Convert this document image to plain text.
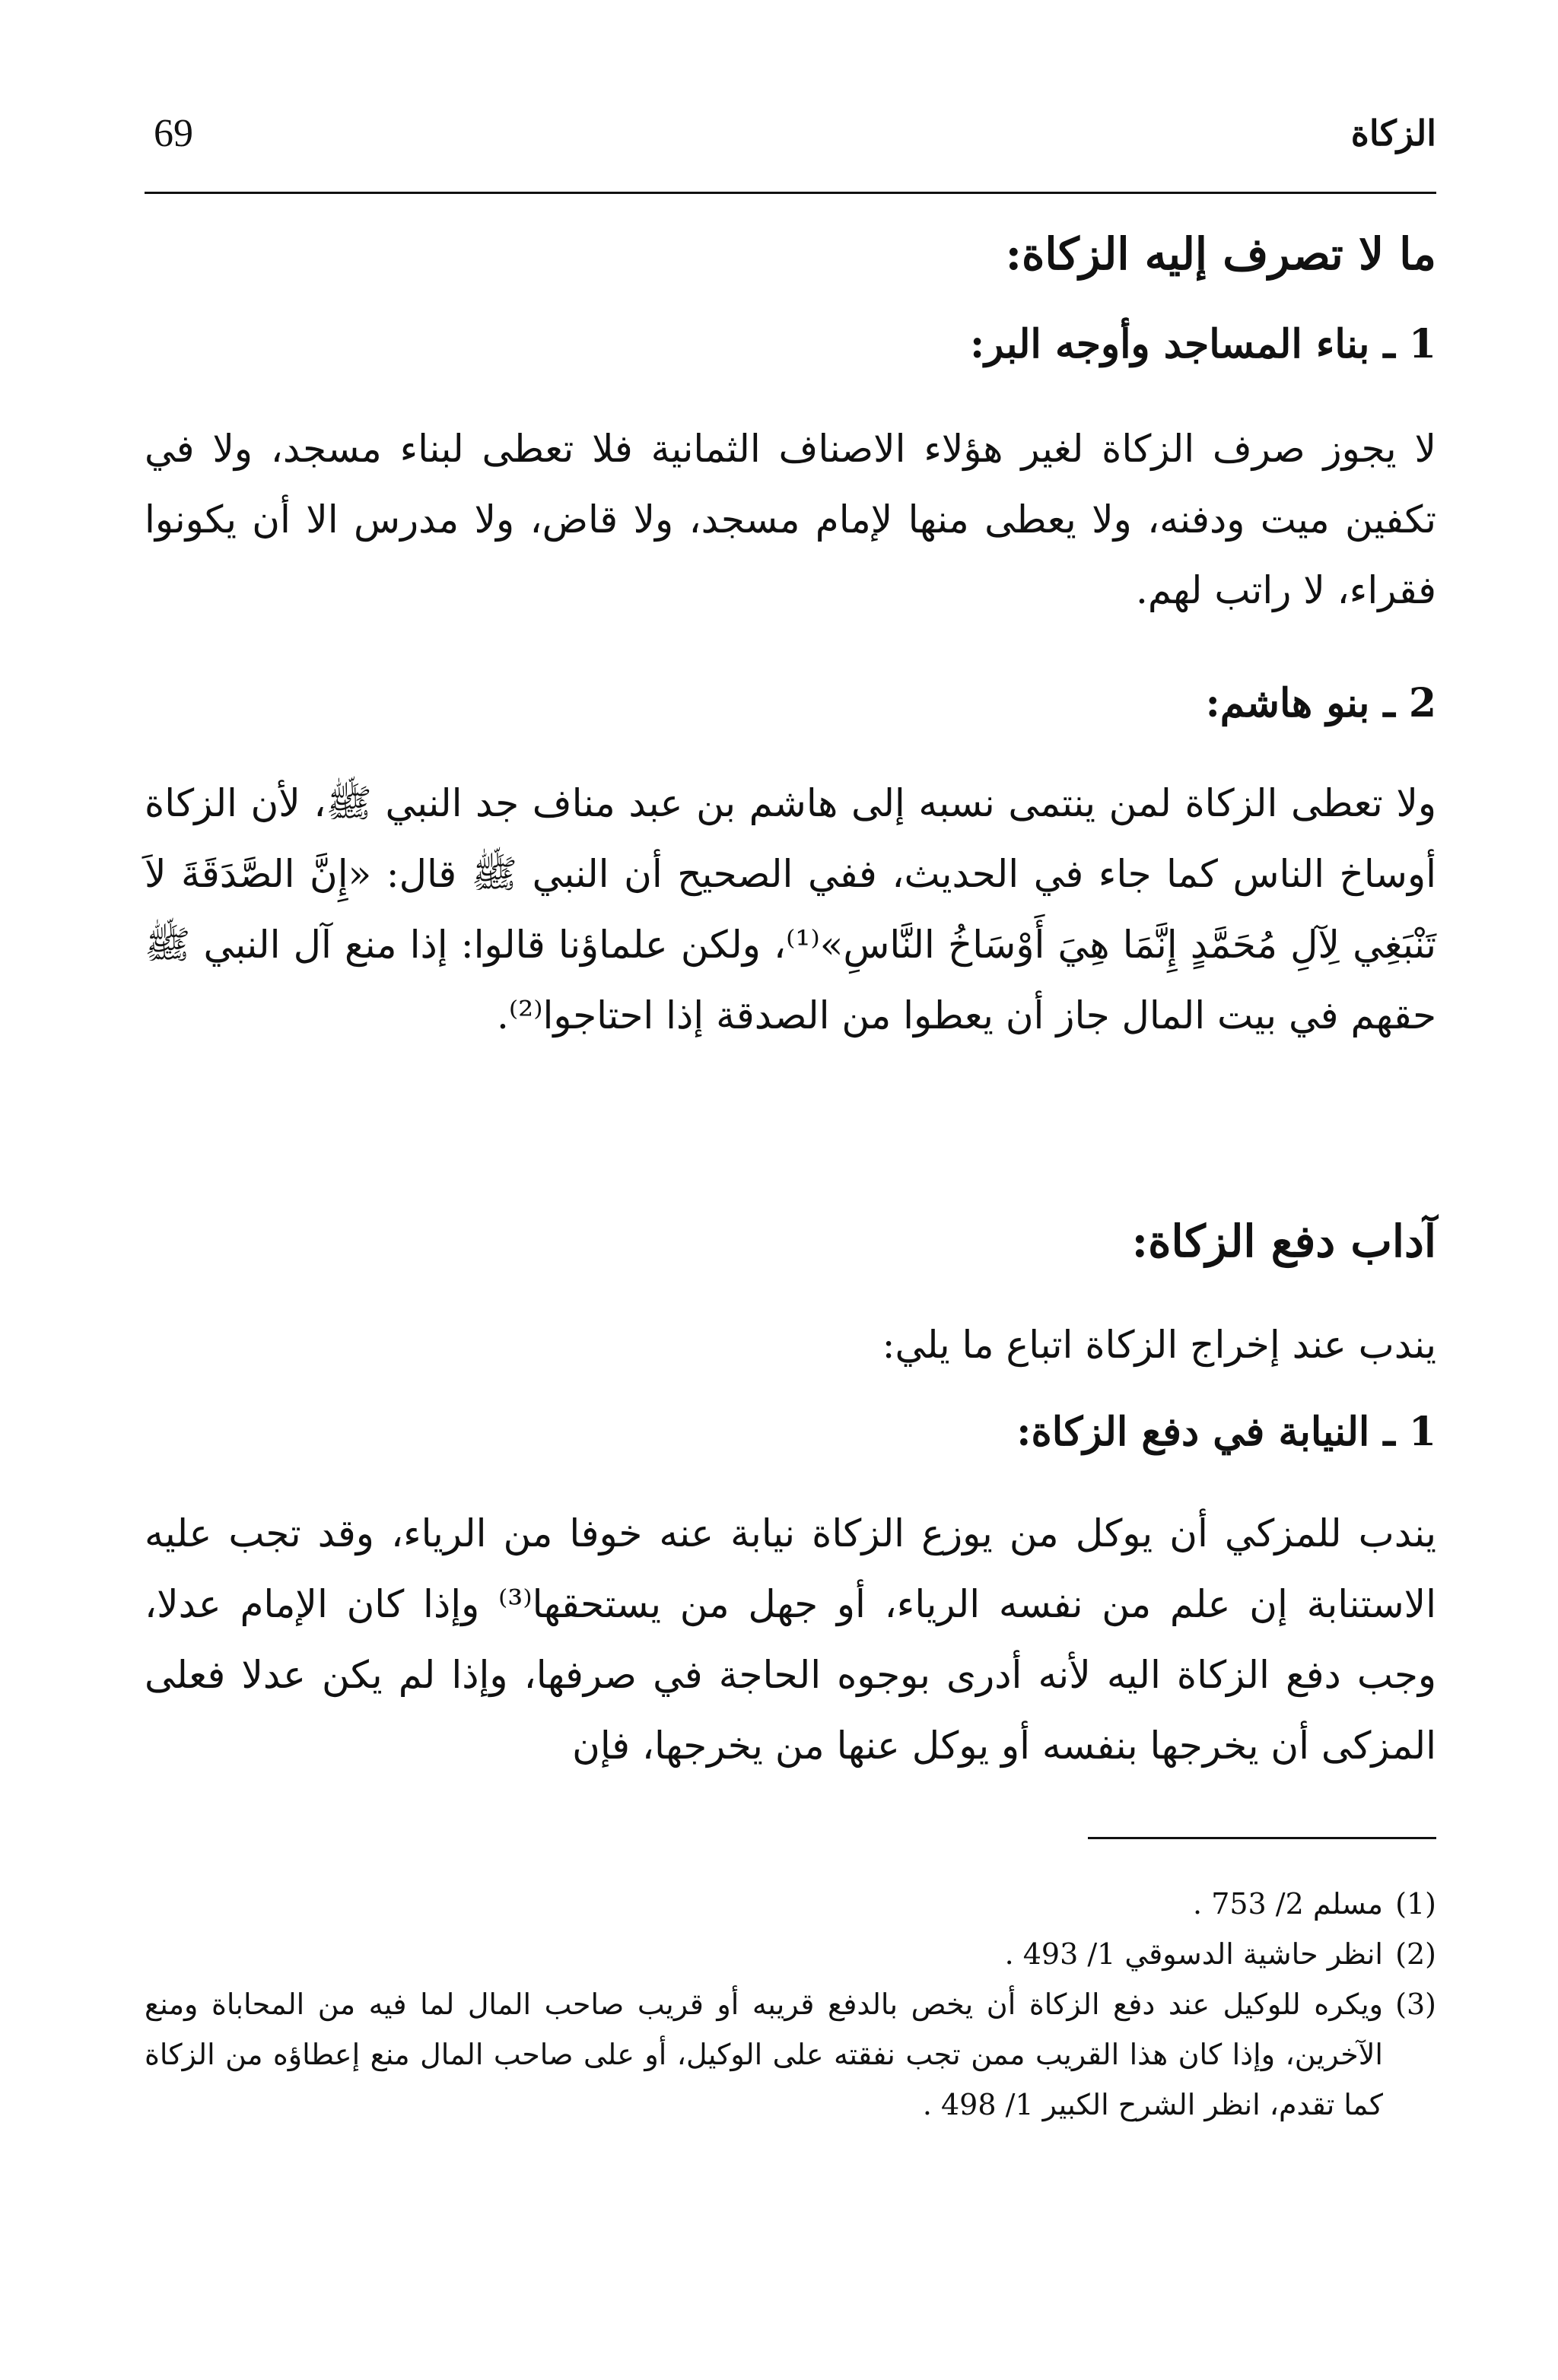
69	الزكاة
ما لا تصرف إليه الزكاة:
1 ـ بناء المساجد وأوجه البر:

لا يجوز صرف الزكاة لغير هؤلاء الاصناف الثمانية فلا تعطى لبناء مسجد، ولا في تكفين ميت ودفنه، ولا يعطى منها لإمام مسجد، ولا قاض، ولا مدرس الا أن يكونوا فقراء، لا راتب لهم.

2 ـ بنو هاشم:

ولا تعطى الزكاة لمن ينتمى نسبه إلى هاشم بن عبد مناف جد النبي ﷺ، لأن الزكاة أوساخ الناس كما جاء في الحديث، ففي الصحيح أن النبي ﷺ قال: «إِنَّ الصَّدَقَةَ لاَ تَنْبَغِي لِآلِ مُحَمَّدٍ إِنَّمَا هِيَ أَوْسَاخُ النَّاسِ»⁽¹⁾، ولكن علماؤنا قالوا: إذا منع آل النبي ﷺ حقهم في بيت المال جاز أن يعطوا من الصدقة إذا احتاجوا⁽²⁾.

آداب دفع الزكاة:

يندب عند إخراج الزكاة اتباع ما يلي:

1 ـ النيابة في دفع الزكاة:

يندب للمزكي أن يوكل من يوزع الزكاة نيابة عنه خوفا من الرياء، وقد تجب عليه الاستنابة إن علم من نفسه الرياء، أو جهل من يستحقها⁽³⁾ وإذا كان الإمام عدلا، وجب دفع الزكاة اليه لأنه أدرى بوجوه الحاجة في صرفها، وإذا لم يكن عدلا فعلى المزكى أن يخرجها بنفسه أو يوكل عنها من يخرجها، فإن

(1)
مسلم 2/ 753 .
(2)
انظر حاشية الدسوقي 1/ 493 .
(3)
ويكره للوكيل عند دفع الزكاة أن يخص بالدفع قريبه أو قريب صاحب المال لما فيه من المحاباة ومنع الآخرين، وإذا كان هذا القريب ممن تجب نفقته على الوكيل، أو على صاحب المال منع إعطاؤه من الزكاة كما تقدم، انظر الشرح الكبير 1/ 498 .
